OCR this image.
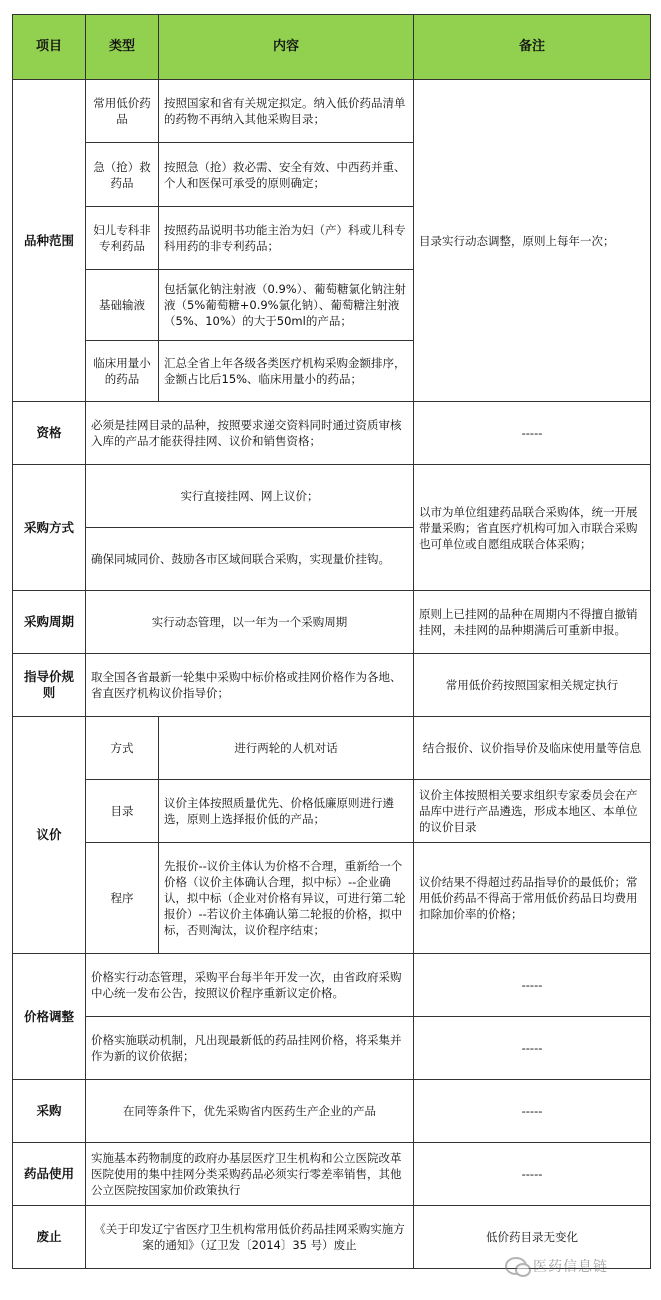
项目	类型	内容	备注
品种范围	常用低价药品	按照国家和省有关规定拟定。纳入低价药品清单的药物不再纳入其他采购目录；	目录实行动态调整，原则上每年一次；
	急（抢）救药品	按照急（抢）救必需、安全有效、中西药并重、个人和医保可承受的原则确定；	
	妇儿专科非专利药品	按照药品说明书功能主治为妇（产）科或儿科专科用药的非专利药品；	
	基础输液	包括氯化钠注射液（0.9%）、葡萄糖氯化钠注射液（5%葡萄糖+0.9%氯化钠）、葡萄糖注射液（5%、10%）的大于50ml的产品；	
	临床用量小的药品	汇总全省上年各级各类医疗机构采购金额排序，金额占比后15%、临床用量小的药品；	
资格	必须是挂网目录的品种，按照要求递交资料同时通过资质审核入库的产品才能获得挂网、议价和销售资格；		-----
采购方式	实行直接挂网、网上议价；		以市为单位组建药品联合采购体，统一开展带量采购；省直医疗机构可加入市联合采购也可单位或自愿组成联合体采购；
	确保同城同价、鼓励各市区域间联合采购，实现量价挂钩。		
采购周期	实行动态管理，以一年为一个采购周期		原则上已挂网的品种在周期内不得擅自撤销挂网，未挂网的品种期满后可重新申报。
指导价规则	取全国各省最新一轮集中采购中标价格或挂网价格作为各地、省直医疗机构议价指导价；		常用低价药按照国家相关规定执行
议价	方式	进行两轮的人机对话	结合报价、议价指导价及临床使用量等信息
	目录	议价主体按照质量优先、价格低廉原则进行遴选，原则上选择报价低的产品；	议价主体按照相关要求组织专家委员会在产品库中进行产品遴选，形成本地区、本单位的议价目录
	程序	先报价--议价主体认为价格不合理，重新给一个价格（议价主体确认合理，拟中标）--企业确认，拟中标（企业对价格有异议，可进行第二轮报价）--若议价主体确认第二轮报的价格，拟中标，否则淘汰，议价程序结束；	议价结果不得超过药品指导价的最低价；常用低价药品不得高于常用低价药品日均费用扣除加价率的价格；
价格调整	价格实行动态管理，采购平台每半年开发一次，由省政府采购中心统一发布公告，按照议价程序重新议定价格。		-----
	价格实施联动机制，凡出现最新低的药品挂网价格，将采集并作为新的议价依据；		-----
采购	在同等条件下，优先采购省内医药生产企业的产品		-----
药品使用	实施基本药物制度的政府办基层医疗卫生机构和公立医院改革医院使用的集中挂网分类采购药品必须实行零差率销售，其他公立医院按国家加价政策执行		-----
废止	《关于印发辽宁省医疗卫生机构常用低价药品挂网采购实施方案的通知》（辽卫发〔2014〕35 号）废止		低价药目录无变化
医药信息链
